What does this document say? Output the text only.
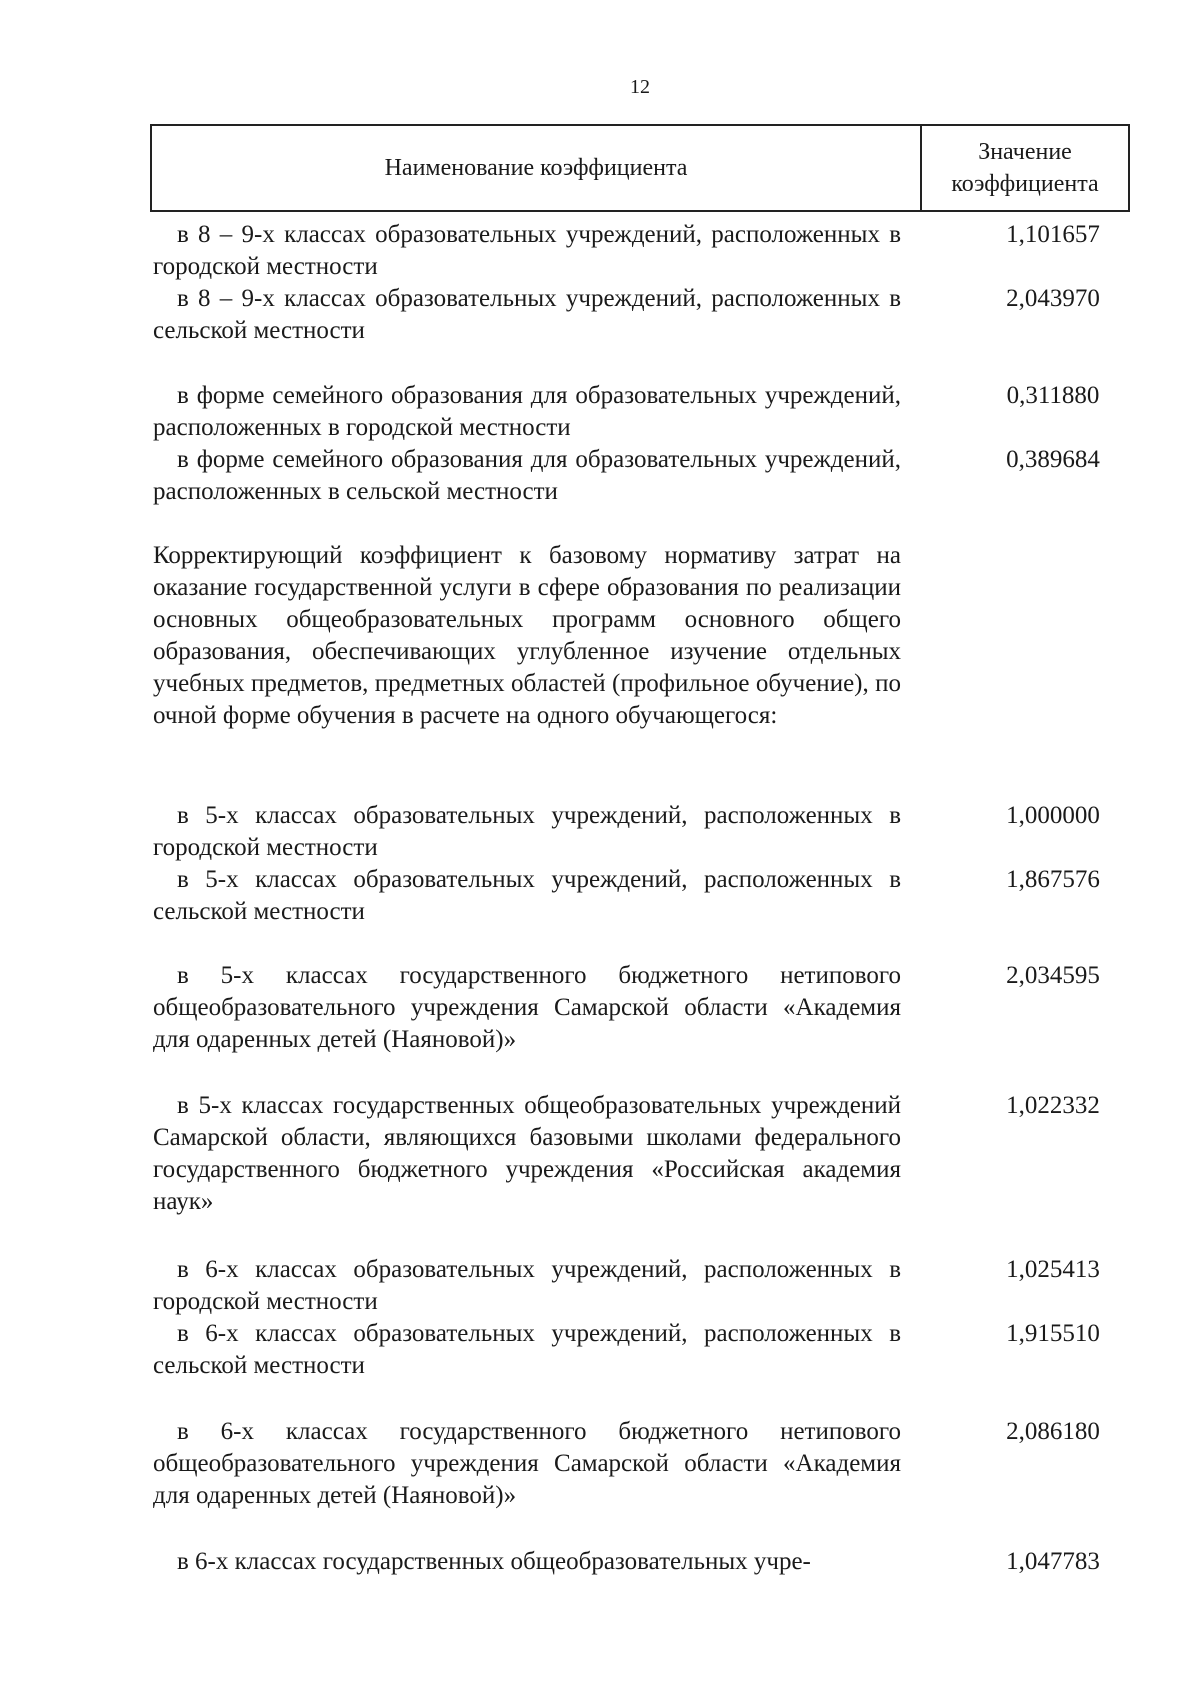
12
Наименование коэффициента
Значение коэффициента
в 8 – 9-х классах образовательных учреждений, расположенных в городской местности
1,101657
в 8 – 9-х классах образовательных учреждений, расположенных в сельской местности
2,043970
в форме семейного образования для образовательных учреждений, расположенных в городской местности
0,311880
в форме семейного образования для образовательных учреждений, расположенных в сельской местности
0,389684
Корректирующий коэффициент к базовому нормативу затрат на оказание государственной услуги в сфере образования по реализации основных общеобразовательных программ основного общего образования, обеспечивающих углубленное изучение отдельных учебных предметов, предметных областей (профильное обучение), по очной форме обучения в расчете на одного обучающегося:
в 5-х классах образовательных учреждений, расположенных в городской местности
1,000000
в 5-х классах образовательных учреждений, расположенных в сельской местности
1,867576
в 5-х классах государственного бюджетного нетипового общеобразовательного учреждения Самарской области «Академия для одаренных детей (Наяновой)»
2,034595
в 5-х классах государственных общеобразовательных учреждений Самарской области, являющихся базовыми школами федерального государственного бюджетного учреждения «Российская академия наук»
1,022332
в 6-х классах образовательных учреждений, расположенных в городской местности
1,025413
в 6-х классах образовательных учреждений, расположенных в сельской местности
1,915510
в 6-х классах государственного бюджетного нетипового общеобразовательного учреждения Самарской области «Академия для одаренных детей (Наяновой)»
2,086180
в 6-х классах государственных общеобразовательных учре-	1,047783
